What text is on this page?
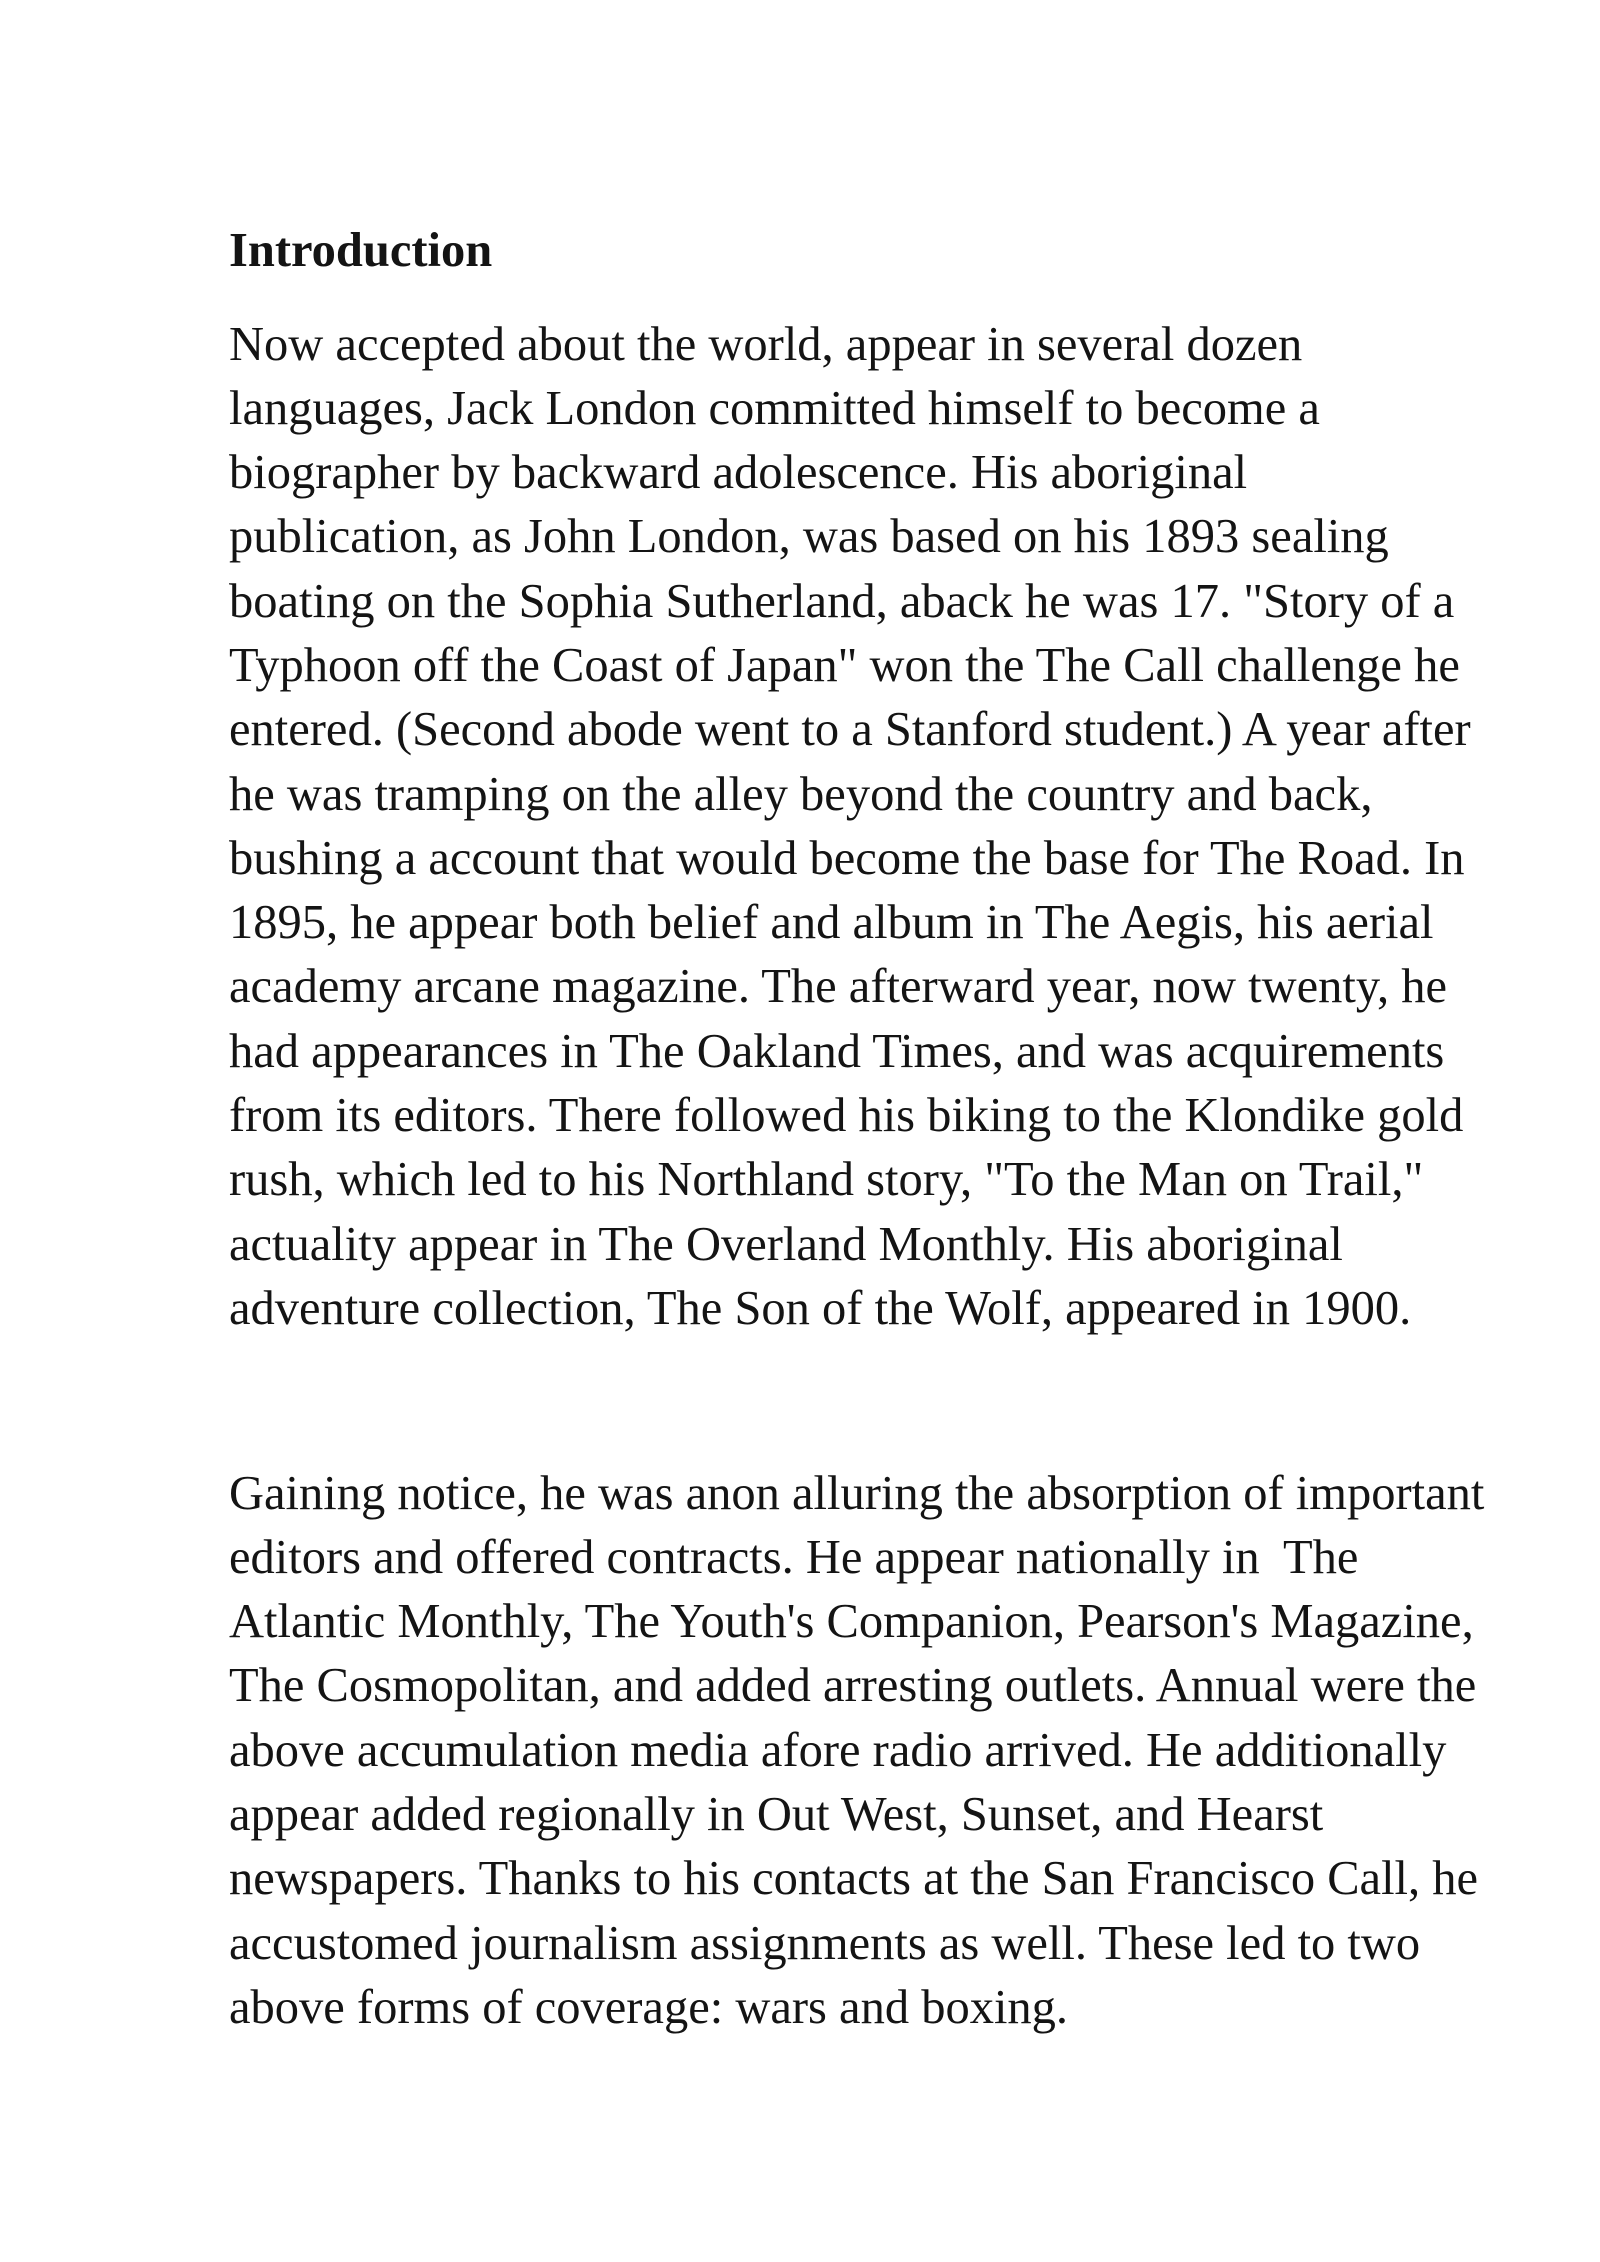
Introduction
Now accepted about the world, appear in several dozen
languages, Jack London committed himself to become a
biographer by backward adolescence. His aboriginal
publication, as John London, was based on his 1893 sealing
boating on the Sophia Sutherland, aback he was 17. "Story of a
Typhoon off the Coast of Japan" won the The Call challenge he
entered. (Second abode went to a Stanford student.) A year after
he was tramping on the alley beyond the country and back,
bushing a account that would become the base for The Road. In
1895, he appear both belief and album in The Aegis, his aerial
academy arcane magazine. The afterward year, now twenty, he
had appearances in The Oakland Times, and was acquirements
from its editors. There followed his biking to the Klondike gold
rush, which led to his Northland story, "To the Man on Trail,"
actuality appear in The Overland Monthly. His aboriginal
adventure collection, The Son of the Wolf, appeared in 1900.
Gaining notice, he was anon alluring the absorption of important
editors and offered contracts. He appear nationally in  The
Atlantic Monthly, The Youth's Companion, Pearson's Magazine,
The Cosmopolitan, and added arresting outlets. Annual were the
above accumulation media afore radio arrived. He additionally
appear added regionally in Out West, Sunset, and Hearst
newspapers. Thanks to his contacts at the San Francisco Call, he
accustomed journalism assignments as well. These led to two
above forms of coverage: wars and boxing.
